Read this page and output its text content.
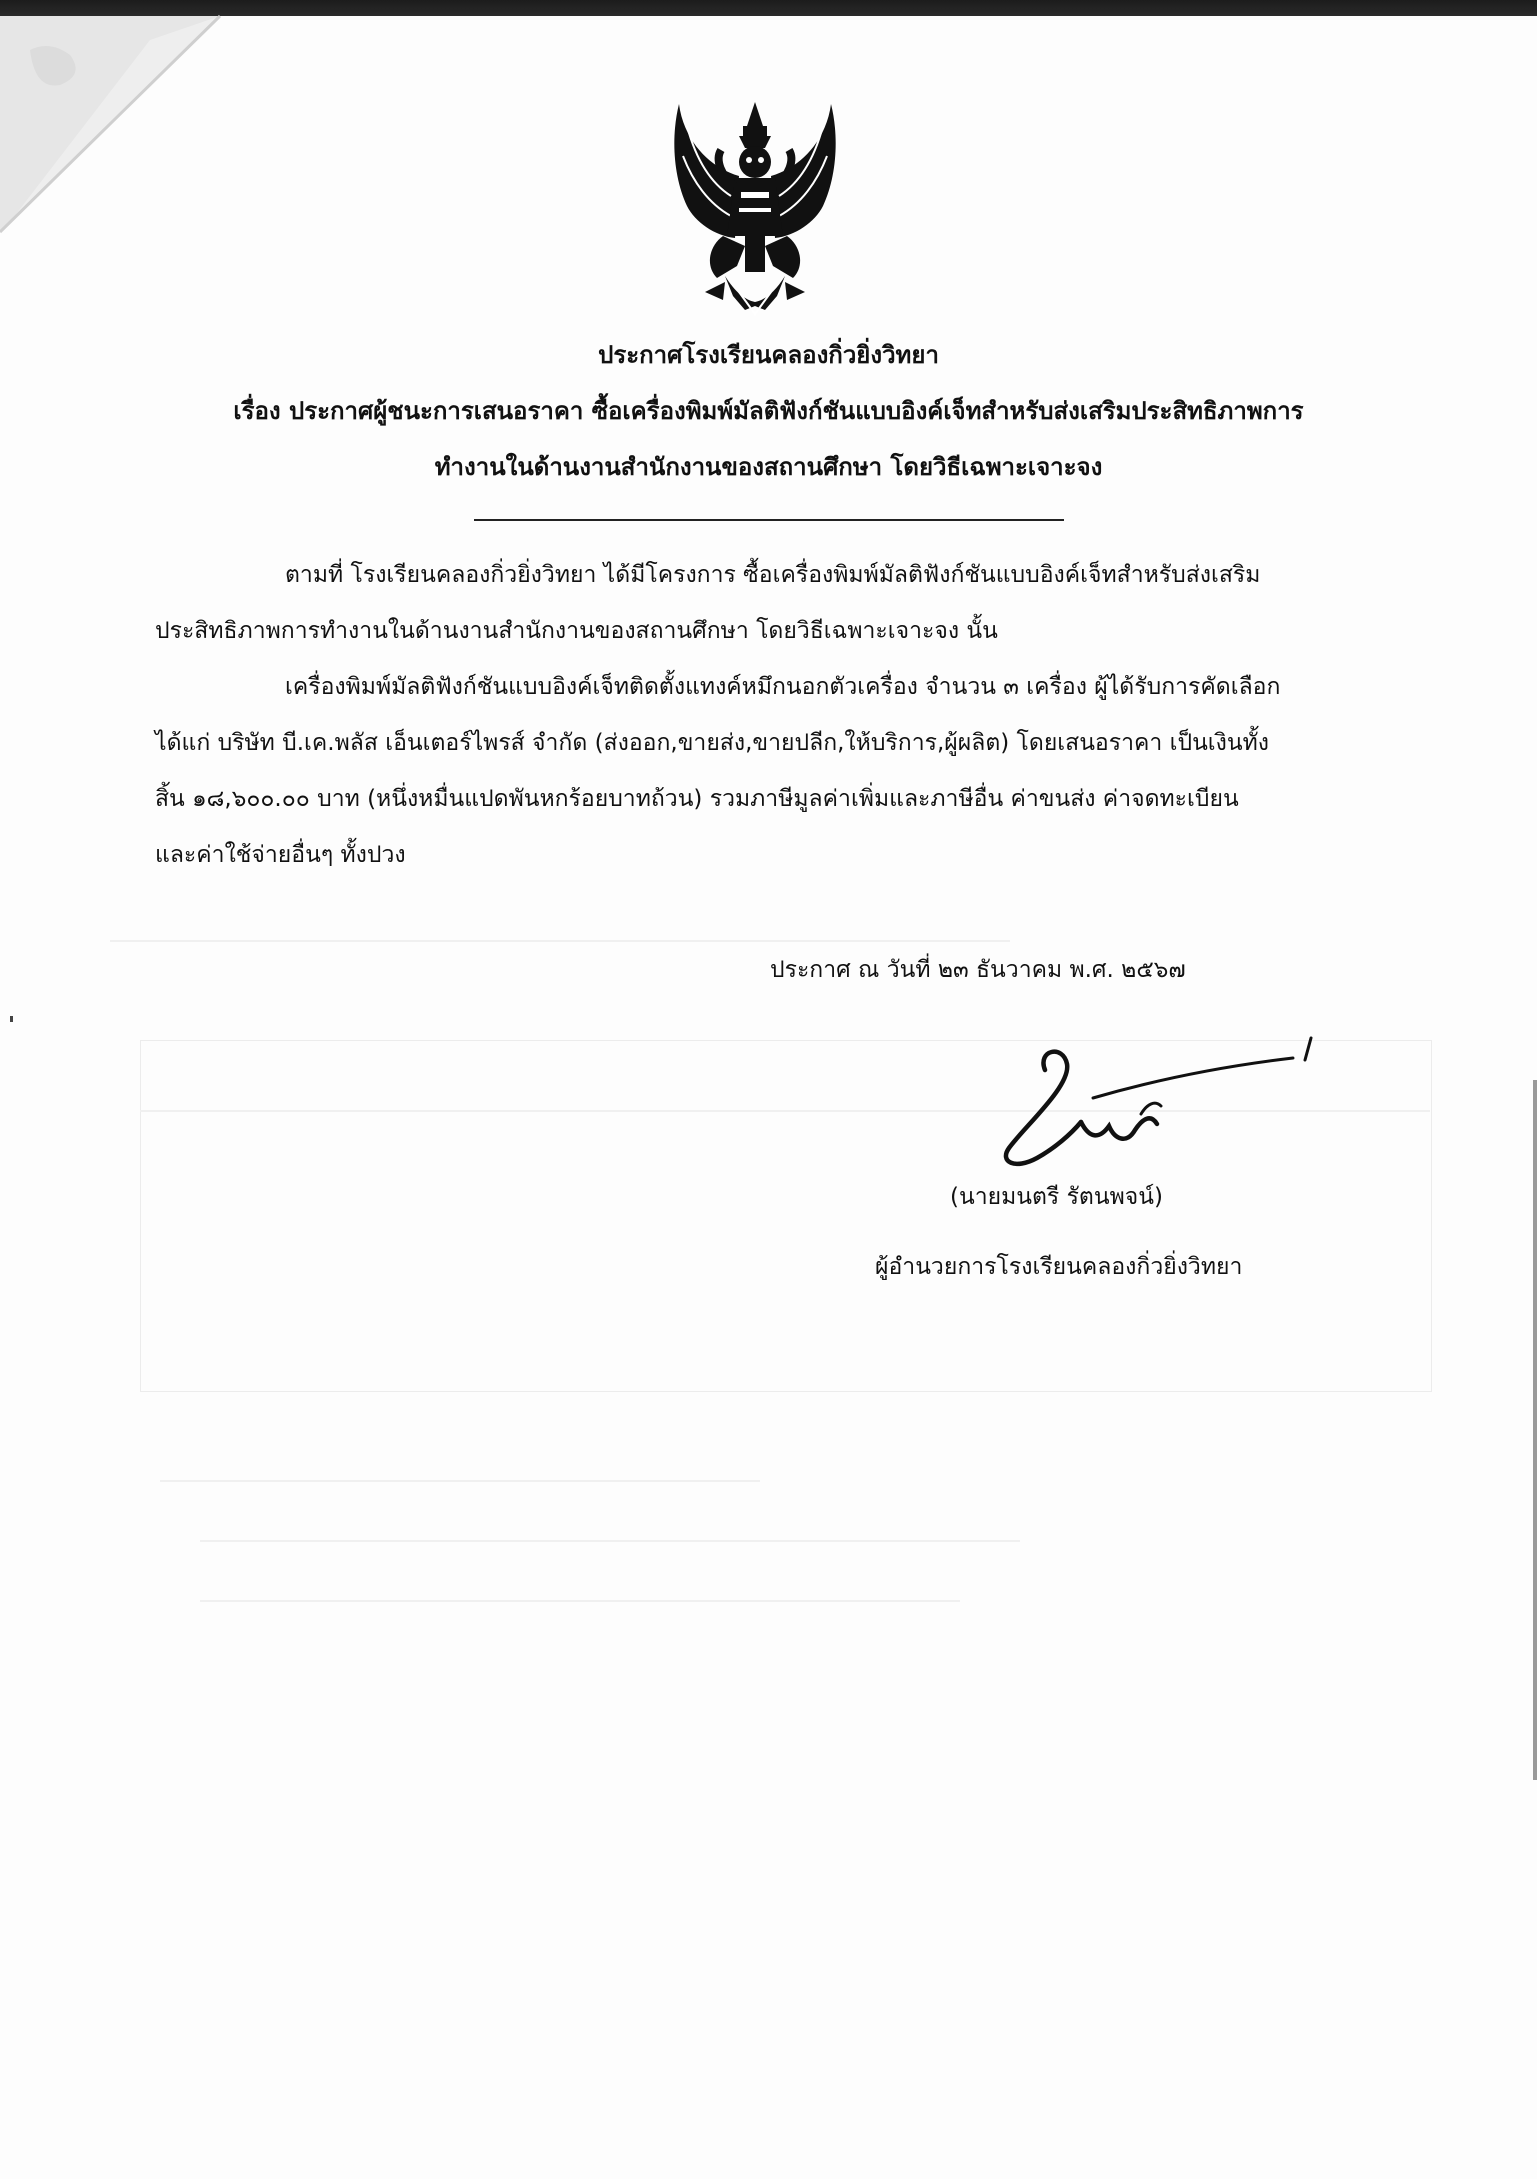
ประกาศโรงเรียนคลองกิ่วยิ่งวิทยา
เรื่อง ประกาศผู้ชนะการเสนอราคา ซื้อเครื่องพิมพ์มัลติฟังก์ชันแบบอิงค์เจ็ทสำหรับส่งเสริมประสิทธิภาพการ
ทำงานในด้านงานสำนักงานของสถานศึกษา โดยวิธีเฉพาะเจาะจง
ตามที่ โรงเรียนคลองกิ่วยิ่งวิทยา ได้มีโครงการ ซื้อเครื่องพิมพ์มัลติฟังก์ชันแบบอิงค์เจ็ทสำหรับส่งเสริม
ประสิทธิภาพการทำงานในด้านงานสำนักงานของสถานศึกษา โดยวิธีเฉพาะเจาะจง นั้น
เครื่องพิมพ์มัลติฟังก์ชันแบบอิงค์เจ็ทติดตั้งแทงค์หมึกนอกตัวเครื่อง จำนวน ๓ เครื่อง ผู้ได้รับการคัดเลือก
ได้แก่ บริษัท บี.เค.พลัส เอ็นเตอร์ไพรส์ จำกัด (ส่งออก,ขายส่ง,ขายปลีก,ให้บริการ,ผู้ผลิต) โดยเสนอราคา เป็นเงินทั้ง
สิ้น ๑๘,๖๐๐.๐๐ บาท (หนึ่งหมื่นแปดพันหกร้อยบาทถ้วน) รวมภาษีมูลค่าเพิ่มและภาษีอื่น ค่าขนส่ง ค่าจดทะเบียน
และค่าใช้จ่ายอื่นๆ ทั้งปวง
ประกาศ ณ วันที่ ๒๓ ธันวาคม พ.ศ. ๒๕๖๗
(นายมนตรี รัตนพจน์)
ผู้อำนวยการโรงเรียนคลองกิ่วยิ่งวิทยา
